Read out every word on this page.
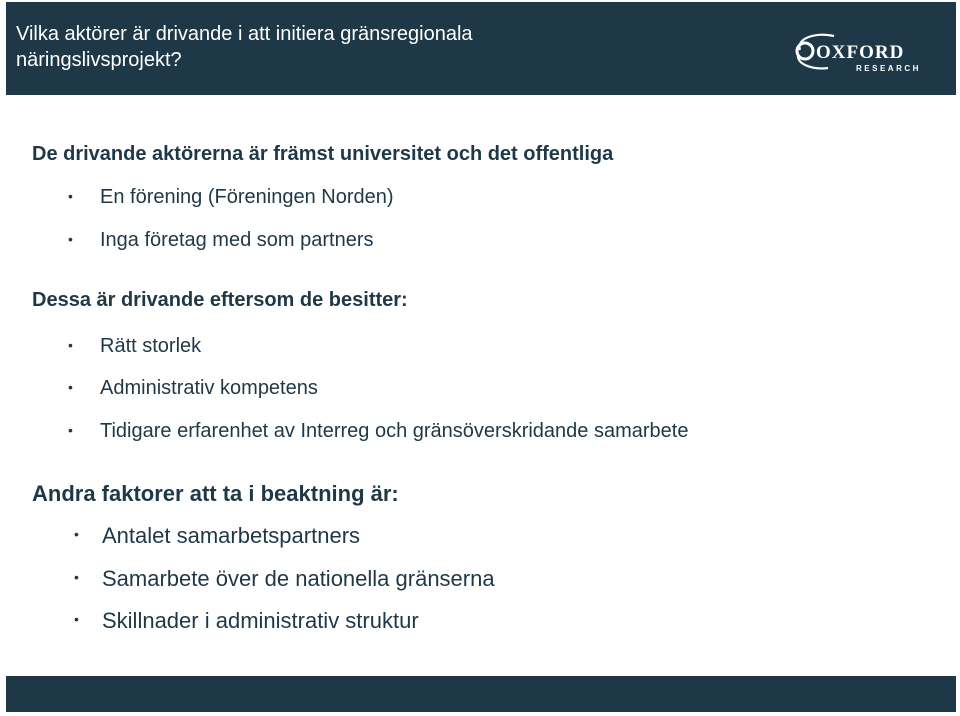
Vilka aktörer är drivande i att initiera gränsregionala
näringslivsprojekt?	OXFORD
RESEARCH

De drivande aktörerna är främst universitet och det offentliga

• En förening (Föreningen Norden)
• Inga företag med som partners

Dessa är drivande eftersom de besitter:

• Rätt storlek
• Administrativ kompetens
• Tidigare erfarenhet av Interreg och gränsöverskridande samarbete

Andra faktorer att ta i beaktning är:

• Antalet samarbetspartners
• Samarbete över de nationella gränserna
• Skillnader i administrativ struktur
